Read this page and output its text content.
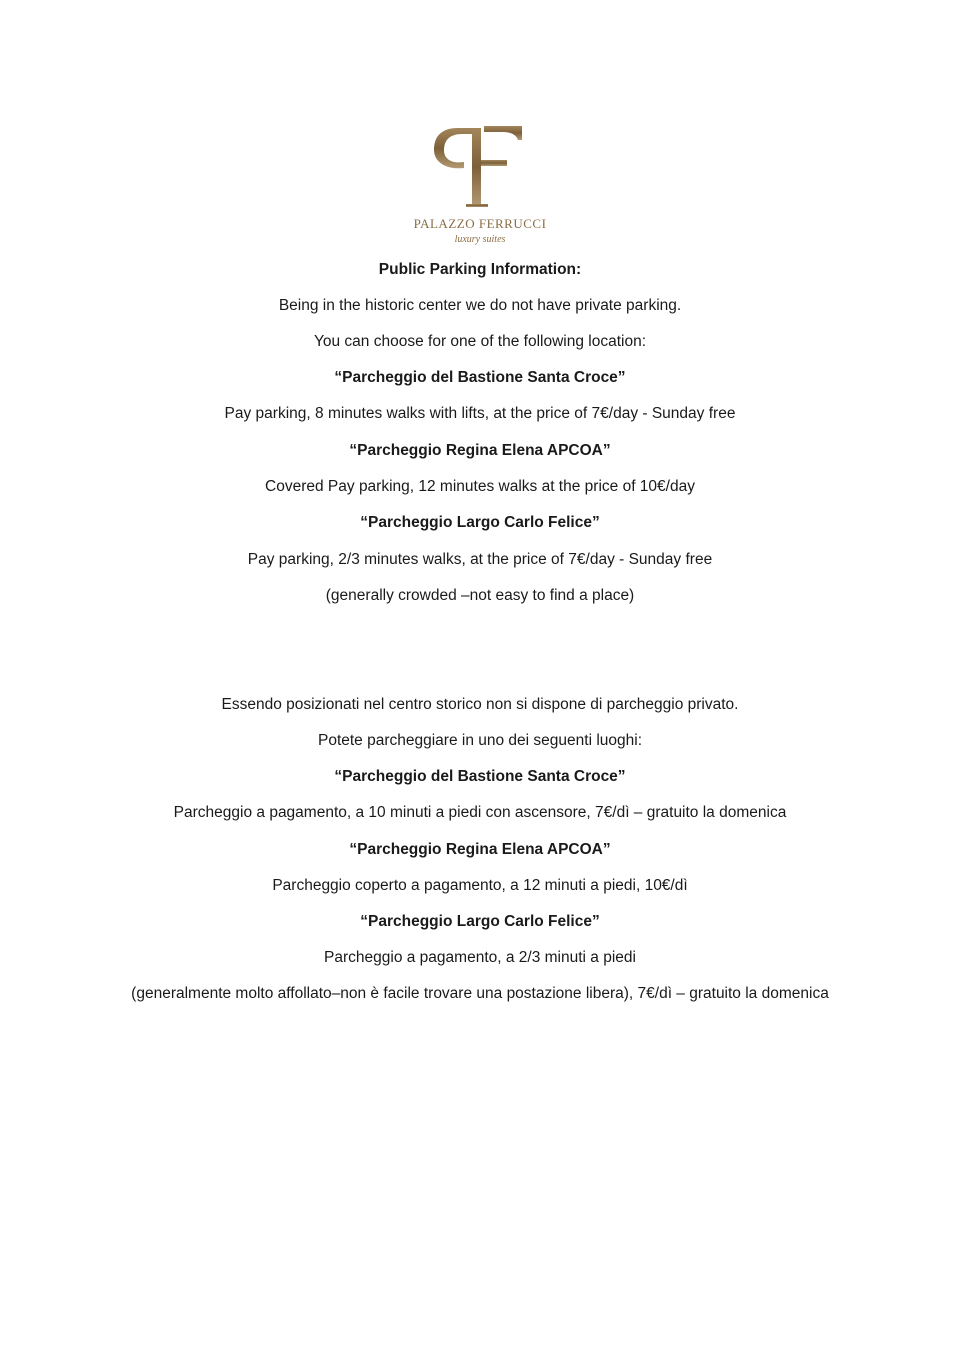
PALAZZO FERRUCCI
luxury suites
Public Parking Information:
Being in the historic center we do not have private parking.
You can choose for one of the following location:
“Parcheggio del Bastione Santa Croce”
Pay parking, 8 minutes walks with lifts, at the price of 7€/day - Sunday free
“Parcheggio Regina Elena APCOA”
Covered Pay parking, 12 minutes walks at the price of 10€/day
“Parcheggio Largo Carlo Felice”
Pay parking, 2/3 minutes walks, at the price of 7€/day - Sunday free
(generally crowded –not easy to find a place)
Essendo posizionati nel centro storico non si dispone di parcheggio privato.
Potete parcheggiare in uno dei seguenti luoghi:
“Parcheggio del Bastione Santa Croce”
Parcheggio a pagamento, a 10 minuti a piedi con ascensore, 7€/dì – gratuito la domenica
“Parcheggio Regina Elena APCOA”
Parcheggio coperto a pagamento, a 12 minuti a piedi, 10€/dì
“Parcheggio Largo Carlo Felice”
Parcheggio a pagamento, a 2/3 minuti a piedi
(generalmente molto affollato–non è facile trovare una postazione libera), 7€/dì – gratuito la domenica
